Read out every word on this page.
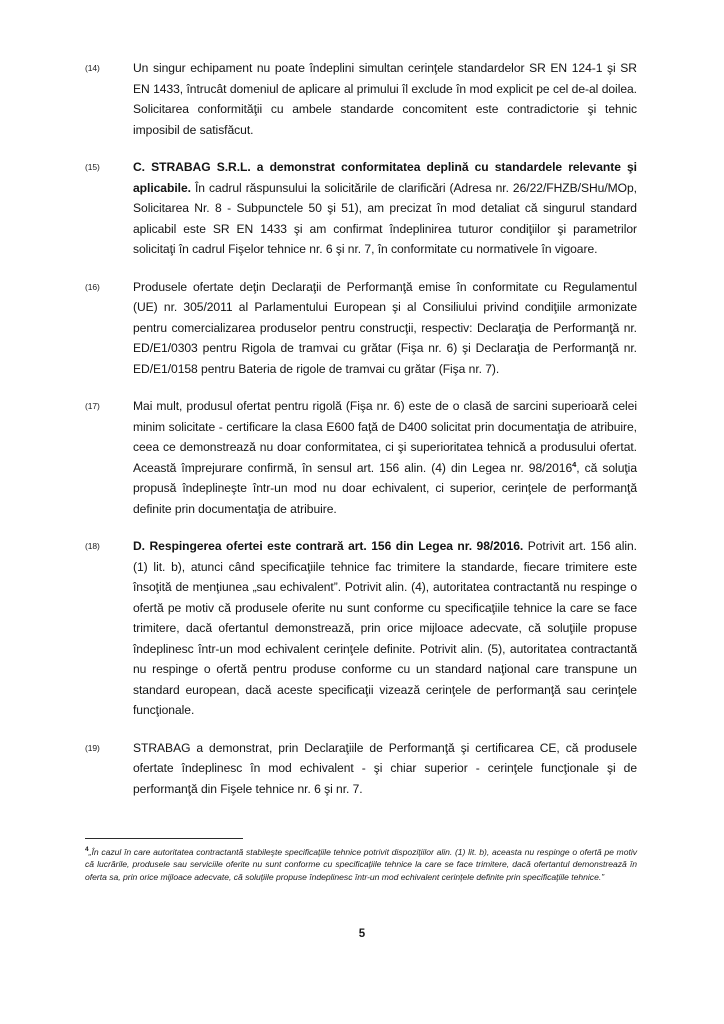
(14)	Un singur echipament nu poate îndeplini simultan cerinţele standardelor SR EN 124-1 şi SR EN 1433, întrucât domeniul de aplicare al primului îl exclude în mod explicit pe cel de-al doilea. Solicitarea conformităţii cu ambele standarde concomitent este contradictorie şi tehnic imposibil de satisfăcut.
(15)	C. STRABAG S.R.L. a demonstrat conformitatea deplină cu standardele relevante şi aplicabile. În cadrul răspunsului la solicitările de clarificări (Adresa nr. 26/22/FHZB/SHu/MOp, Solicitarea Nr. 8 - Subpunctele 50 şi 51), am precizat în mod detaliat că singurul standard aplicabil este SR EN 1433 şi am confirmat îndeplinirea tuturor condiţiilor şi parametrilor solicitaţi în cadrul Fişelor tehnice nr. 6 şi nr. 7, în conformitate cu normativele în vigoare.
(16)	Produsele ofertate deţin Declaraţii de Performanţă emise în conformitate cu Regulamentul (UE) nr. 305/2011 al Parlamentului European şi al Consiliului privind condiţiile armonizate pentru comercializarea produselor pentru construcţii, respectiv: Declaraţia de Performanţă nr. ED/E1/0303 pentru Rigola de tramvai cu grătar (Fişa nr. 6) şi Declaraţia de Performanţă nr. ED/E1/0158 pentru Bateria de rigole de tramvai cu grătar (Fişa nr. 7).
(17)	Mai mult, produsul ofertat pentru rigolă (Fişa nr. 6) este de o clasă de sarcini superioară celei minim solicitate - certificare la clasa E600 faţă de D400 solicitat prin documentaţia de atribuire, ceea ce demonstrează nu doar conformitatea, ci şi superioritatea tehnică a produsului ofertat. Această împrejurare confirmă, în sensul art. 156 alin. (4) din Legea nr. 98/2016$^4$, că soluţia propusă îndeplineşte într-un mod nu doar echivalent, ci superior, cerinţele de performanţă definite prin documentaţia de atribuire.
(18)	D. Respingerea ofertei este contrară art. 156 din Legea nr. 98/2016. Potrivit art. 156 alin. (1) lit. b), atunci când specificaţiile tehnice fac trimitere la standarde, fiecare trimitere este însoţită de menţiunea „sau echivalent”. Potrivit alin. (4), autoritatea contractantă nu respinge o ofertă pe motiv că produsele oferite nu sunt conforme cu specificaţiile tehnice la care se face trimitere, dacă ofertantul demonstrează, prin orice mijloace adecvate, că soluţiile propuse îndeplinesc într-un mod echivalent cerinţele definite. Potrivit alin. (5), autoritatea contractantă nu respinge o ofertă pentru produse conforme cu un standard naţional care transpune un standard european, dacă aceste specificaţii vizează cerinţele de performanţă sau cerinţele funcţionale.
(19)	STRABAG a demonstrat, prin Declaraţiile de Performanţă şi certificarea CE, că produsele ofertate îndeplinesc în mod echivalent - şi chiar superior - cerinţele funcţionale şi de performanţă din Fişele tehnice nr. 6 şi nr. 7.
$^4$„În cazul în care autoritatea contractantă stabileşte specificaţiile tehnice potrivit dispoziţiilor alin. (1) lit. b), aceasta nu respinge o ofertă pe motiv că lucrările, produsele sau serviciile oferite nu sunt conforme cu specificaţiile tehnice la care se face trimitere, dacă ofertantul demonstrează în oferta sa, prin orice mijloace adecvate, că soluţiile propuse îndeplinesc într-un mod echivalent cerinţele definite prin specificaţiile tehnice.”
5
